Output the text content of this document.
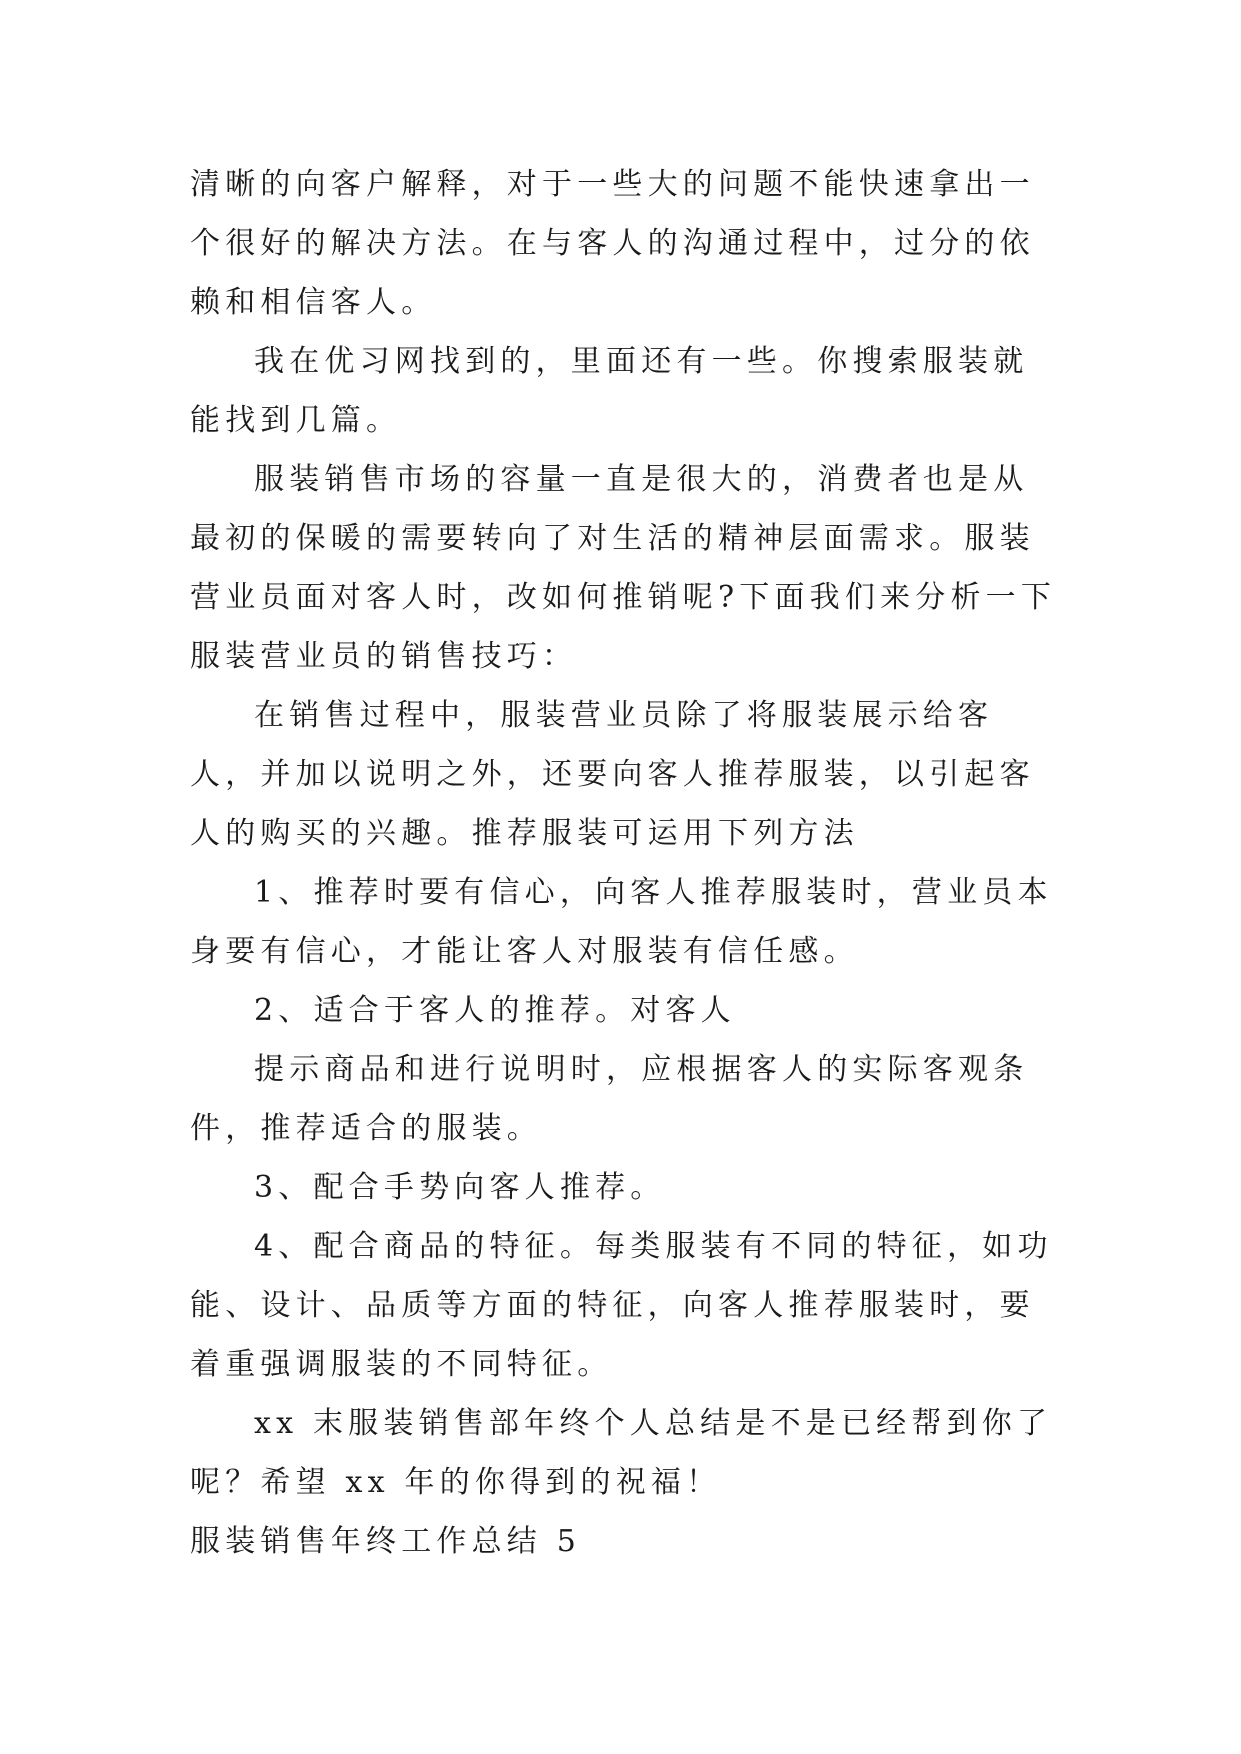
清晰的向客户解释，对于一些大的问题不能快速拿出一个很好的解决方法。在与客人的沟通过程中，过分的依赖和相信客人。

我在优习网找到的，里面还有一些。你搜索服装就能找到几篇。

服装销售市场的容量一直是很大的，消费者也是从最初的保暖的需要转向了对生活的精神层面需求。服装营业员面对客人时，改如何推销呢?下面我们来分析一下服装营业员的销售技巧：

在销售过程中，服装营业员除了将服装展示给客人，并加以说明之外，还要向客人推荐服装，以引起客人的购买的兴趣。推荐服装可运用下列方法

1、推荐时要有信心，向客人推荐服装时，营业员本身要有信心，才能让客人对服装有信任感。

2、适合于客人的推荐。对客人

提示商品和进行说明时，应根据客人的实际客观条件，推荐适合的服装。

3、配合手势向客人推荐。

4、配合商品的特征。每类服装有不同的特征，如功能、设计、品质等方面的特征，向客人推荐服装时，要着重强调服装的不同特征。

xx 末服装销售部年终个人总结是不是已经帮到你了呢？希望 xx 年的你得到的祝福！

服装销售年终工作总结 5
